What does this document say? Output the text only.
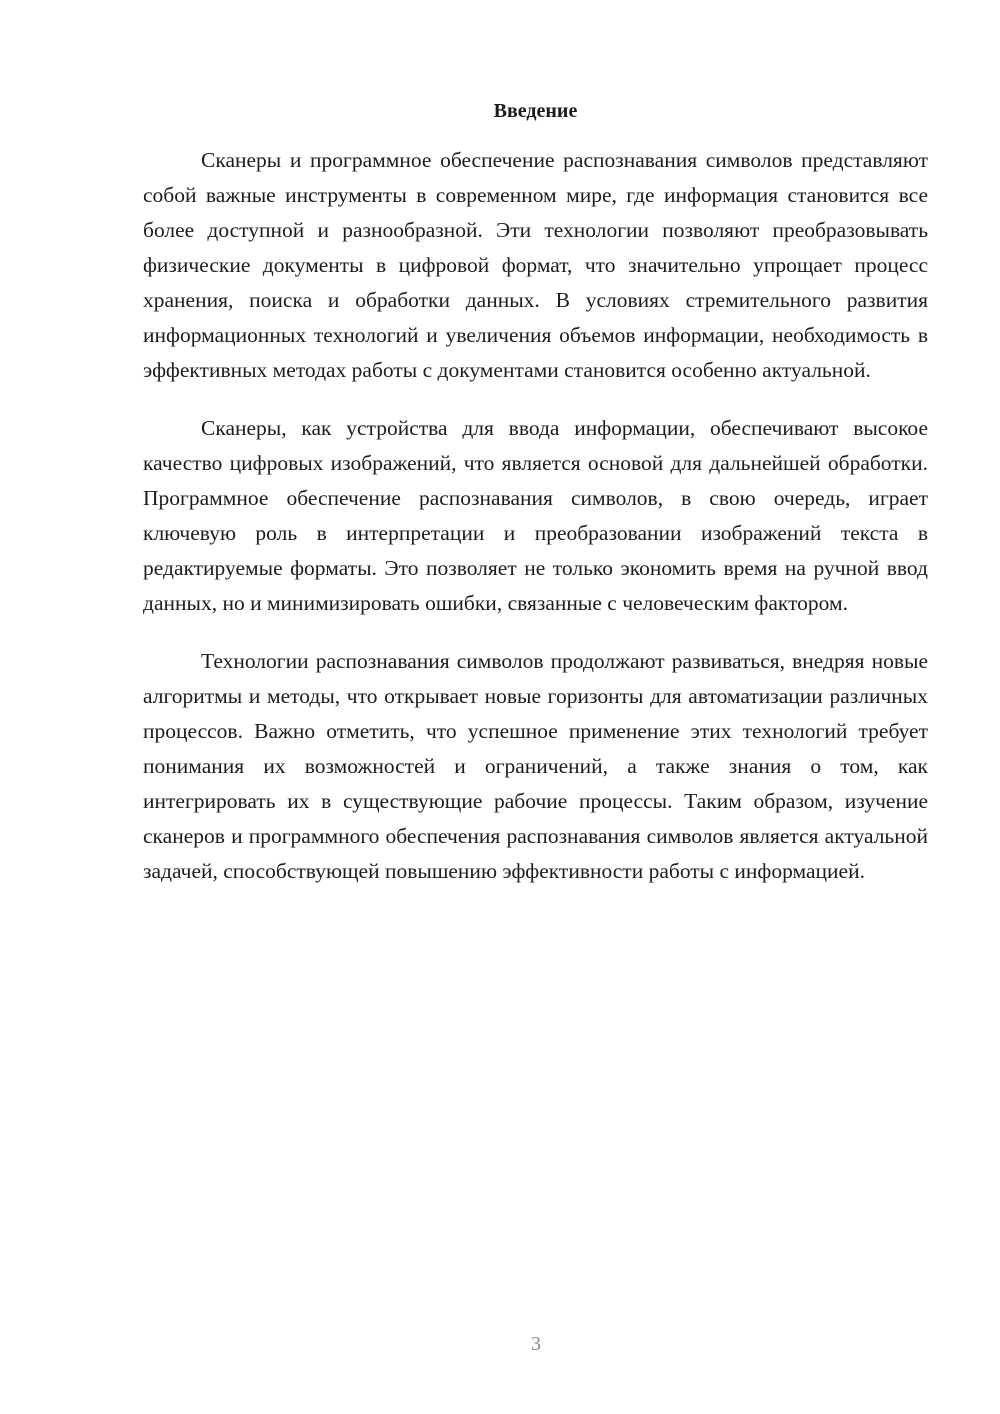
Введение

Сканеры и программное обеспечение распознавания символов представляют собой важные инструменты в современном мире, где информация становится все более доступной и разнообразной. Эти технологии позволяют преобразовывать физические документы в цифровой формат, что значительно упрощает процесс хранения, поиска и обработки данных. В условиях стремительного развития информационных технологий и увеличения объемов информации, необходимость в эффективных методах работы с документами становится особенно актуальной.

Сканеры, как устройства для ввода информации, обеспечивают высокое качество цифровых изображений, что является основой для дальнейшей обработки. Программное обеспечение распознавания символов, в свою очередь, играет ключевую роль в интерпретации и преобразовании изображений текста в редактируемые форматы. Это позволяет не только экономить время на ручной ввод данных, но и минимизировать ошибки, связанные с человеческим фактором.

Технологии распознавания символов продолжают развиваться, внедряя новые алгоритмы и методы, что открывает новые горизонты для автоматизации различных процессов. Важно отметить, что успешное применение этих технологий требует понимания их возможностей и ограничений, а также знания о том, как интегрировать их в существующие рабочие процессы. Таким образом, изучение сканеров и программного обеспечения распознавания символов является актуальной задачей, способствующей повышению эффективности работы с информацией.

3
